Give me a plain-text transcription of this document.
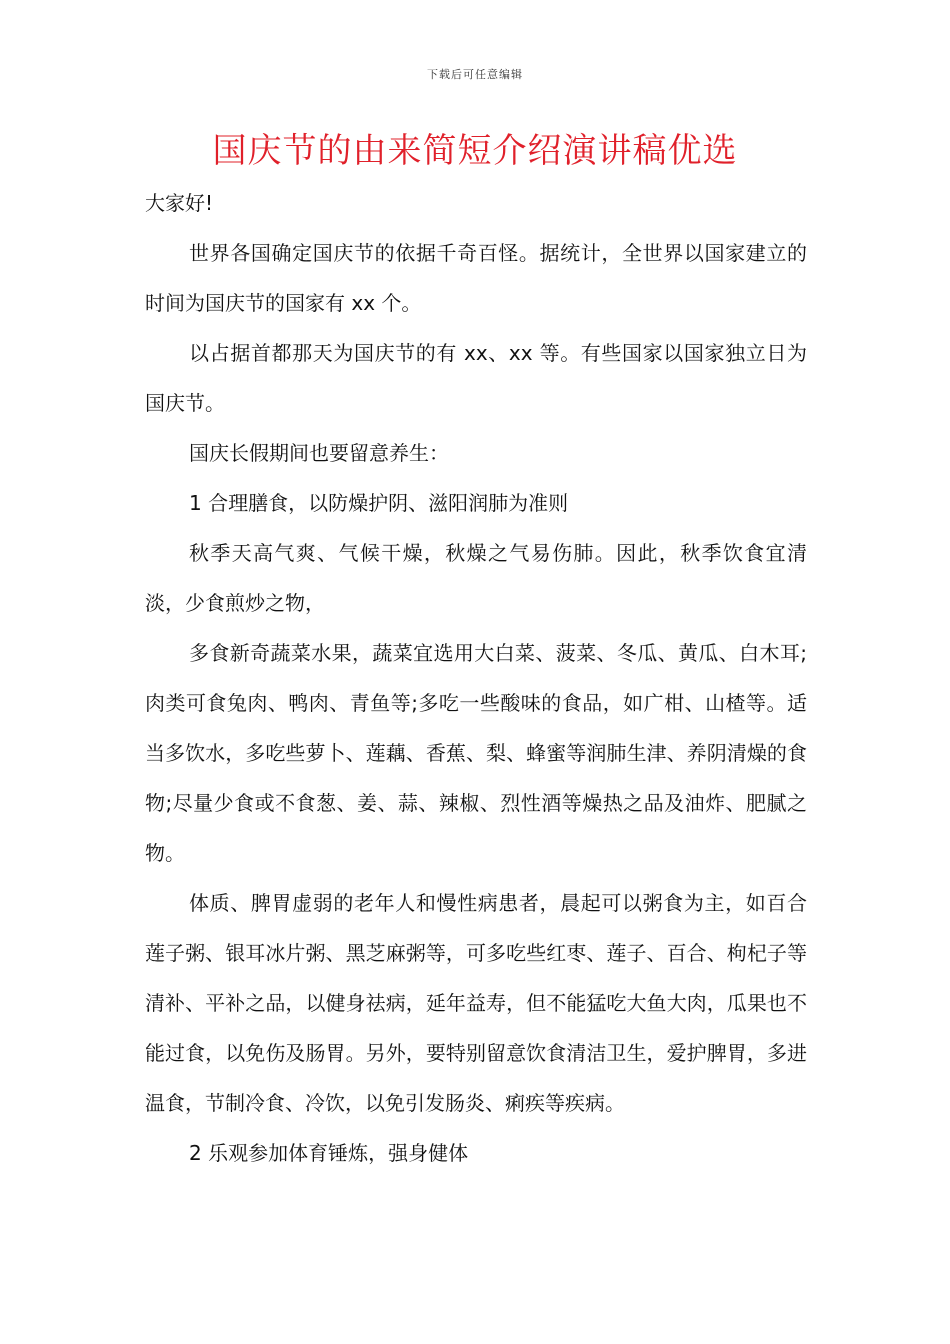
下载后可任意编辑
国庆节的由来简短介绍演讲稿优选

大家好!

世界各国确定国庆节的依据千奇百怪。据统计，全世界以国家建立的时间为国庆节的国家有 xx 个。

以占据首都那天为国庆节的有 xx、xx 等。有些国家以国家独立日为国庆节。

国庆长假期间也要留意养生：

1 合理膳食，以防燥护阴、滋阳润肺为准则

秋季天高气爽、气候干燥，秋燥之气易伤肺。因此，秋季饮食宜清淡，少食煎炒之物，

多食新奇蔬菜水果，蔬菜宜选用大白菜、菠菜、冬瓜、黄瓜、白木耳;肉类可食兔肉、鸭肉、青鱼等;多吃一些酸味的食品，如广柑、山楂等。适当多饮水，多吃些萝卜、莲藕、香蕉、梨、蜂蜜等润肺生津、养阴清燥的食物;尽量少食或不食葱、姜、蒜、辣椒、烈性酒等燥热之品及油炸、肥腻之物。

体质、脾胃虚弱的老年人和慢性病患者，晨起可以粥食为主，如百合莲子粥、银耳冰片粥、黑芝麻粥等，可多吃些红枣、莲子、百合、枸杞子等清补、平补之品，以健身祛病，延年益寿，但不能猛吃大鱼大肉，瓜果也不能过食，以免伤及肠胃。另外，要特别留意饮食清洁卫生，爱护脾胃，多进温食，节制冷食、冷饮，以免引发肠炎、痢疾等疾病。

2 乐观参加体育锤炼，强身健体
